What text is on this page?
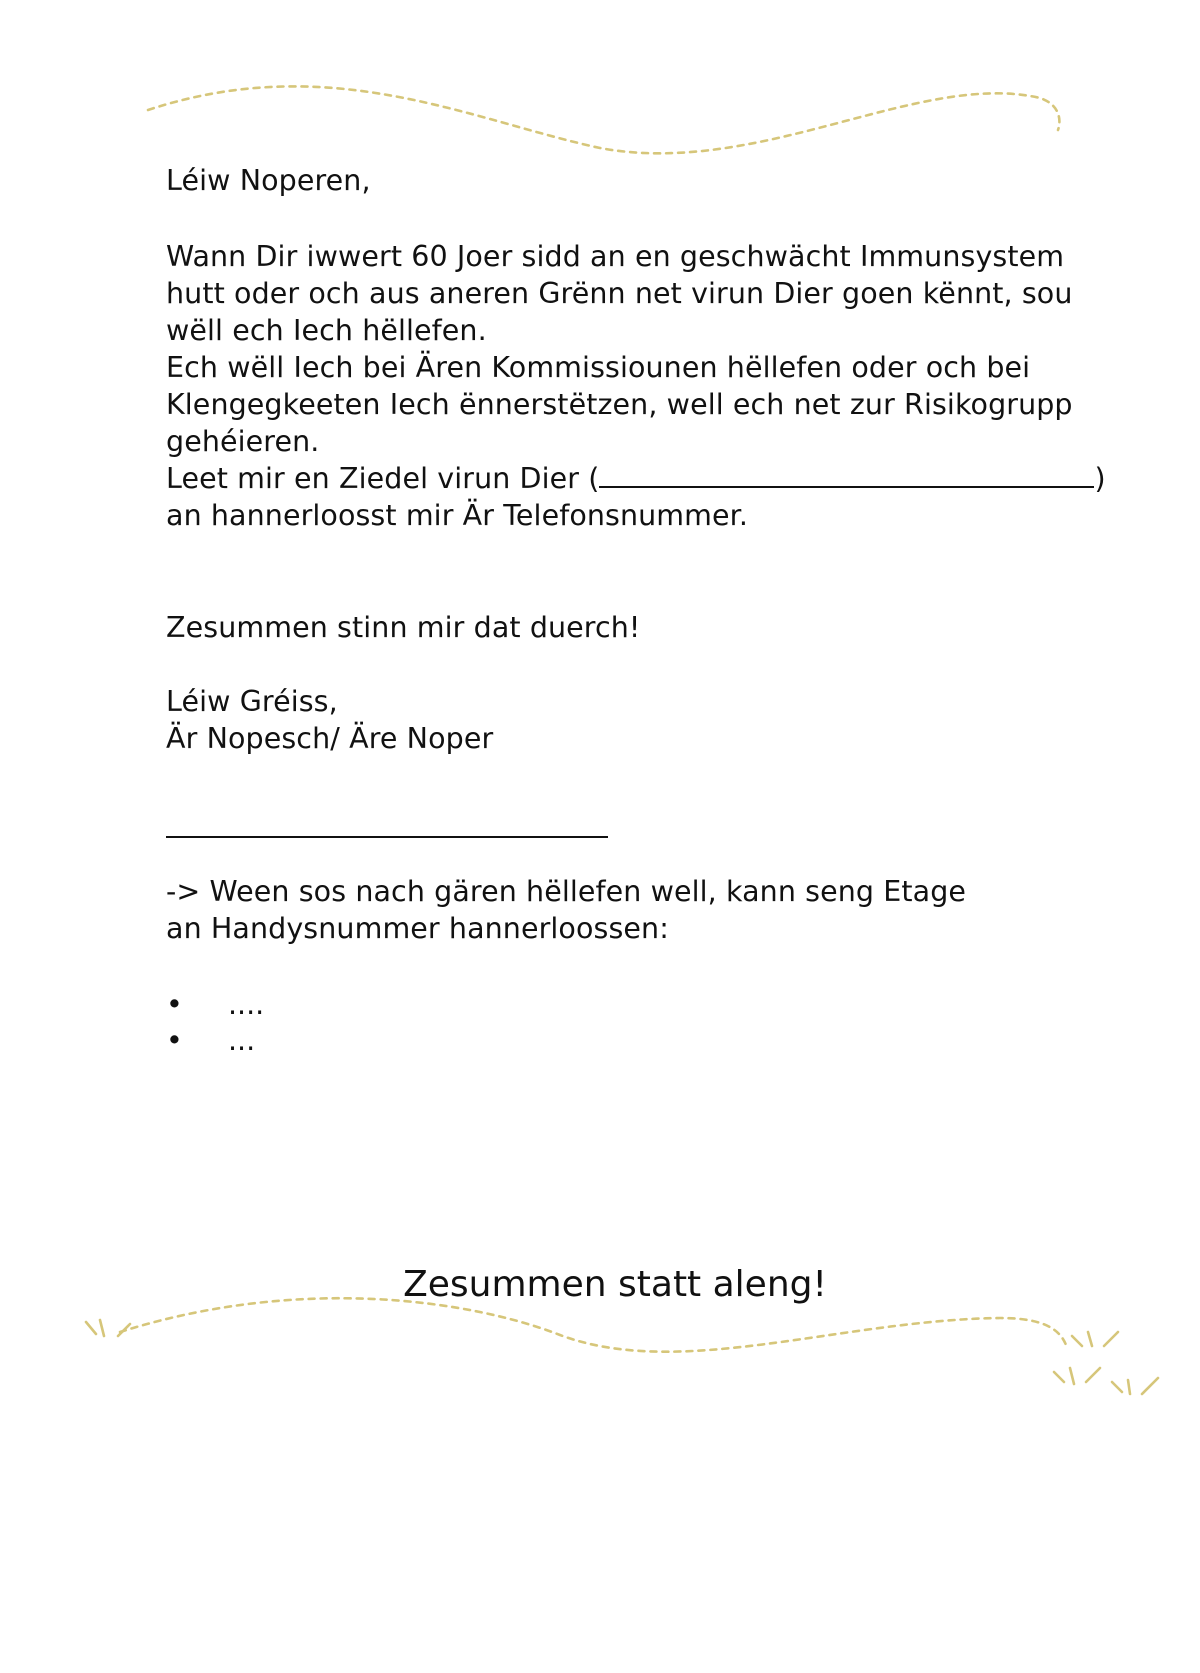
Léiw Noperen,

Wann Dir iwwert 60 Joer sidd an en geschwächt Immunsystem

hutt oder och aus aneren Grënn net virun Dier goen kënnt, sou

wëll ech Iech hëllefen.

Ech wëll Iech bei Ären Kommissiounen hëllefen oder och bei

Klengegkeeten Iech ënnerstëtzen, well ech net zur Risikogrupp

gehéieren.

Leet mir en Ziedel virun Dier (	)

an hannerloosst mir Är Telefonsnummer.

Zesummen stinn mir dat duerch!

Léiw Gréiss,

Är Nopesch/ Äre Noper

-> Ween sos nach gären hëllefen well, kann seng Etage

an Handysnummer hannerloossen:

• ....
• ...
Zesummen statt aleng!
